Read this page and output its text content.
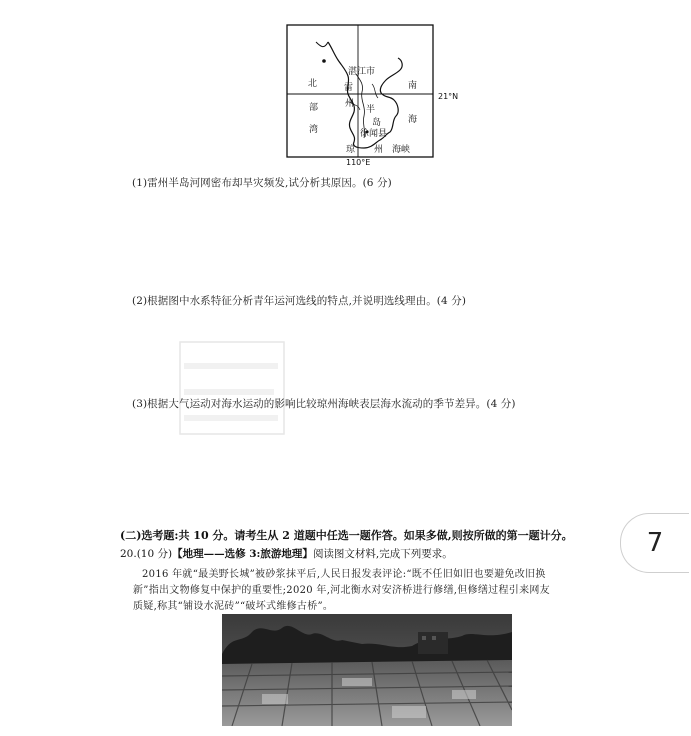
湛江市
北	雷	南
州
部	半
湾
岛	海
徐闻县
琼 州 海峡
21°N
110°E
(1)雷州半岛河网密布却旱灾频发,试分析其原因。(6 分)
(2)根据图中水系特征分析青年运河选线的特点,并说明选线理由。(4 分)
(3)根据大气运动对海水运动的影响比较琼州海峡表层海水流动的季节差异。(4 分)
(二)选考题:共 10 分。请考生从 2 道题中任选一题作答。如果多做,则按所做的第一题计分。
20.(10 分)【地理——选修 3:旅游地理】阅读图文材料,完成下列要求。
2016 年就“最美野长城”被砂浆抹平后,人民日报发表评论:“既不任旧如旧也要避免改旧换
新”指出文物修复中保护的重要性;2020 年,河北衡水对安济桥进行修缮,但修缮过程引来网友
质疑,称其“铺设水泥砖”“破坏式维修古桥”。
7
